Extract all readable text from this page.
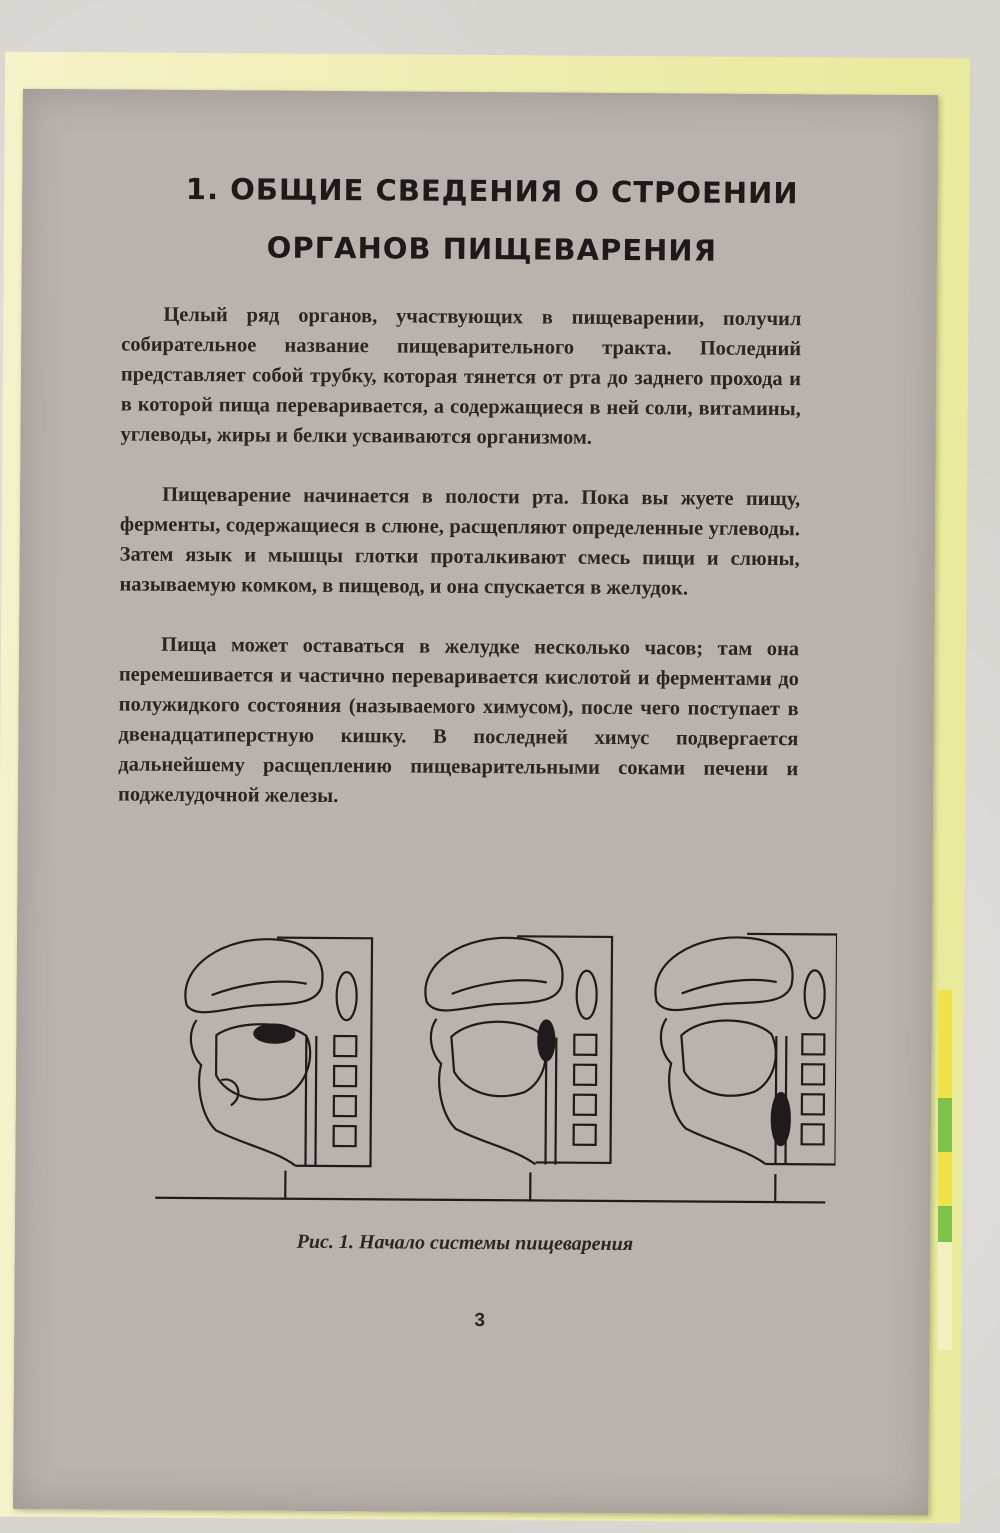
1. ОБЩИЕ СВЕДЕНИЯ О СТРОЕНИИ
ОРГАНОВ ПИЩЕВАРЕНИЯ

Целый ряд органов, участвующих в пищеварении, получил собирательное название пищеварительного тракта. Последний представляет собой трубку, которая тянется от рта до заднего прохода и в которой пища переваривается, а содержащиеся в ней соли, витамины, углеводы, жиры и белки усваиваются организмом.

Пищеварение начинается в полости рта. Пока вы жуете пищу, ферменты, содержащиеся в слюне, расщепляют определенные углеводы. Затем язык и мышцы глотки проталкивают смесь пищи и слюны, называемую комком, в пищевод, и она спускается в желудок.

Пища может оставаться в желудке несколько часов; там она перемешивается и частично переваривается кислотой и ферментами до полужидкого состояния (называемого химусом), после чего поступает в двенадцатиперстную кишку. В последней химус подвергается дальнейшему расщеплению пищеварительными соками печени и поджелудочной железы.

Рис. 1. Начало системы пищеварения

3
